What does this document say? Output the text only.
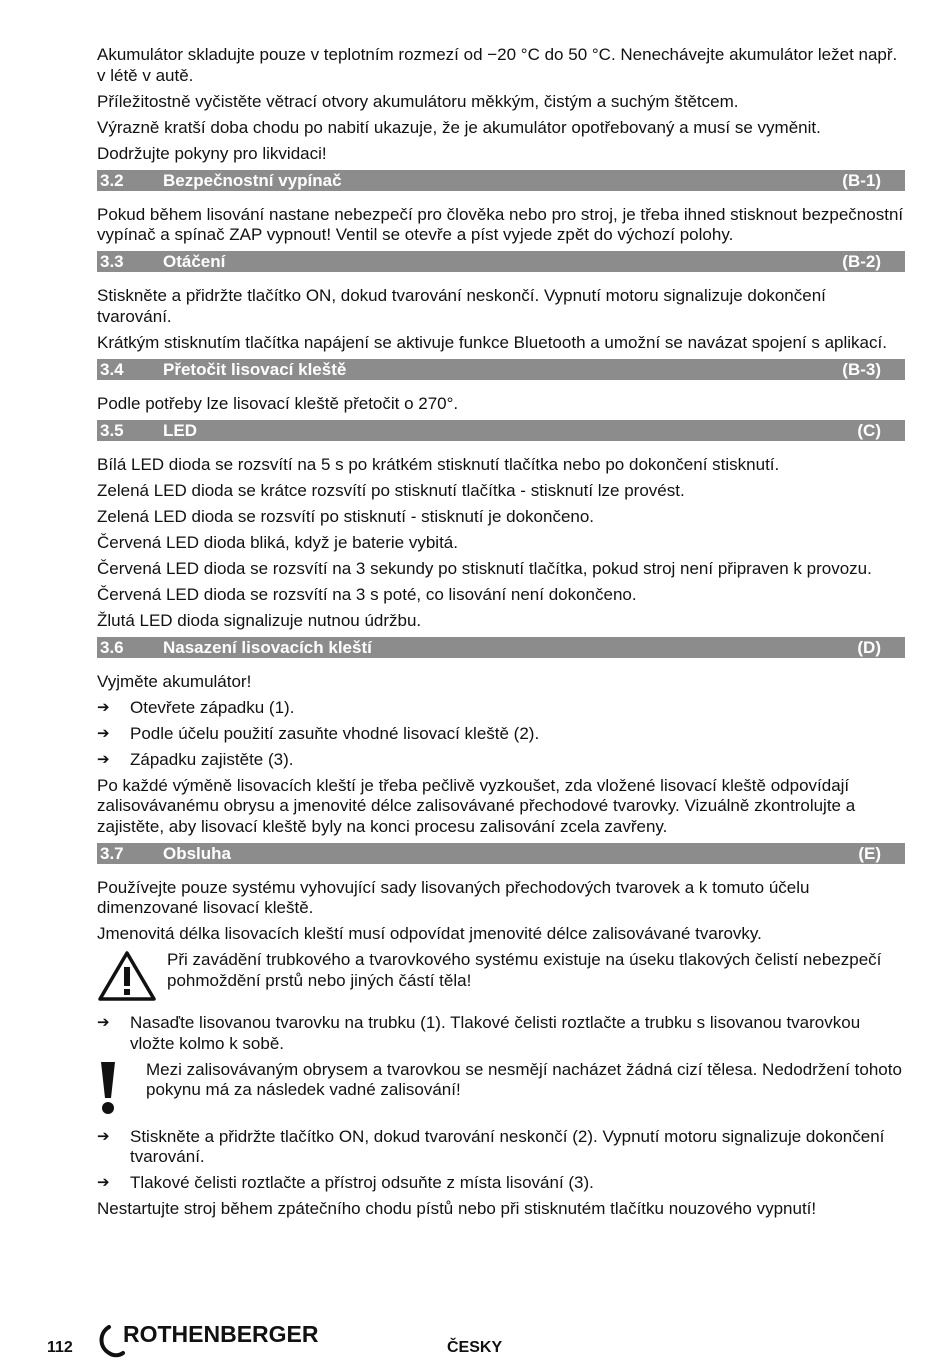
Akumulátor skladujte pouze v teplotním rozmezí od −20 °C do 50 °C. Nenechávejte akumulátor ležet např. v létě v autě.

Příležitostně vyčistěte větrací otvory akumulátoru měkkým, čistým a suchým štětcem.

Výrazně kratší doba chodu po nabití ukazuje, že je akumulátor opotřebovaný a musí se vyměnit.

Dodržujte pokyny pro likvidaci!

3.2	Bezpečnostní vypínač	(B-1)

Pokud během lisování nastane nebezpečí pro člověka nebo pro stroj, je třeba ihned stisknout bezpečnostní vypínač a spínač ZAP vypnout! Ventil se otevře a píst vyjede zpět do výchozí polohy.

3.3	Otáčení	(B-2)

Stiskněte a přidržte tlačítko ON, dokud tvarování neskončí. Vypnutí motoru signalizuje dokončení tvarování.

Krátkým stisknutím tlačítka napájení se aktivuje funkce Bluetooth a umožní se navázat spojení s aplikací.

3.4	Přetočit lisovací kleště	(B-3)

Podle potřeby lze lisovací kleště přetočit o 270°.

3.5	LED	(C)

Bílá LED dioda se rozsvítí na 5 s po krátkém stisknutí tlačítka nebo po dokončení stisknutí.

Zelená LED dioda se krátce rozsvítí po stisknutí tlačítka - stisknutí lze provést.

Zelená LED dioda se rozsvítí po stisknutí - stisknutí je dokončeno.

Červená LED dioda bliká, když je baterie vybitá.

Červená LED dioda se rozsvítí na 3 sekundy po stisknutí tlačítka, pokud stroj není připraven k provozu.

Červená LED dioda se rozsvítí na 3 s poté, co lisování není dokončeno.

Žlutá LED dioda signalizuje nutnou údržbu.

3.6	Nasazení lisovacích kleští	(D)

Vyjměte akumulátor!

➔	Otevřete západku (1).
➔	Podle účelu použití zasuňte vhodné lisovací kleště (2).
➔	Západku zajistěte (3).

Po každé výměně lisovacích kleští je třeba pečlivě vyzkoušet, zda vložené lisovací kleště odpovídají zalisovávanému obrysu a jmenovité délce zalisovávané přechodové tvarovky. Vizuálně zkontrolujte a zajistěte, aby lisovací kleště byly na konci procesu zalisování zcela zavřeny.

3.7	Obsluha	(E)

Používejte pouze systému vyhovující sady lisovaných přechodových tvarovek a k tomuto účelu dimenzované lisovací kleště.

Jmenovitá délka lisovacích kleští musí odpovídat jmenovité délce zalisovávané tvarovky.

Při zavádění trubkového a tvarovkového systému existuje na úseku tlakových čelistí nebezpečí pohmoždění prstů nebo jiných částí těla!
➔	Nasaďte lisovanou tvarovku na trubku (1). Tlakové čelisti roztlačte a trubku s lisovanou tvarovkou vložte kolmo k sobě.
Mezi zalisovávaným obrysem a tvarovkou se nesmějí nacházet žádná cizí tělesa. Nedodržení tohoto pokynu má za následek vadné zalisování!
➔	Stiskněte a přidržte tlačítko ON, dokud tvarování neskončí (2). Vypnutí motoru signalizuje dokončení tvarování.
➔	Tlakové čelisti roztlačte a přístroj odsuňte z místa lisování (3).

Nestartujte stroj během zpátečního chodu pístů nebo při stisknutém tlačítku nouzového vypnutí!

112
ROTHENBERGER
ČESKY
